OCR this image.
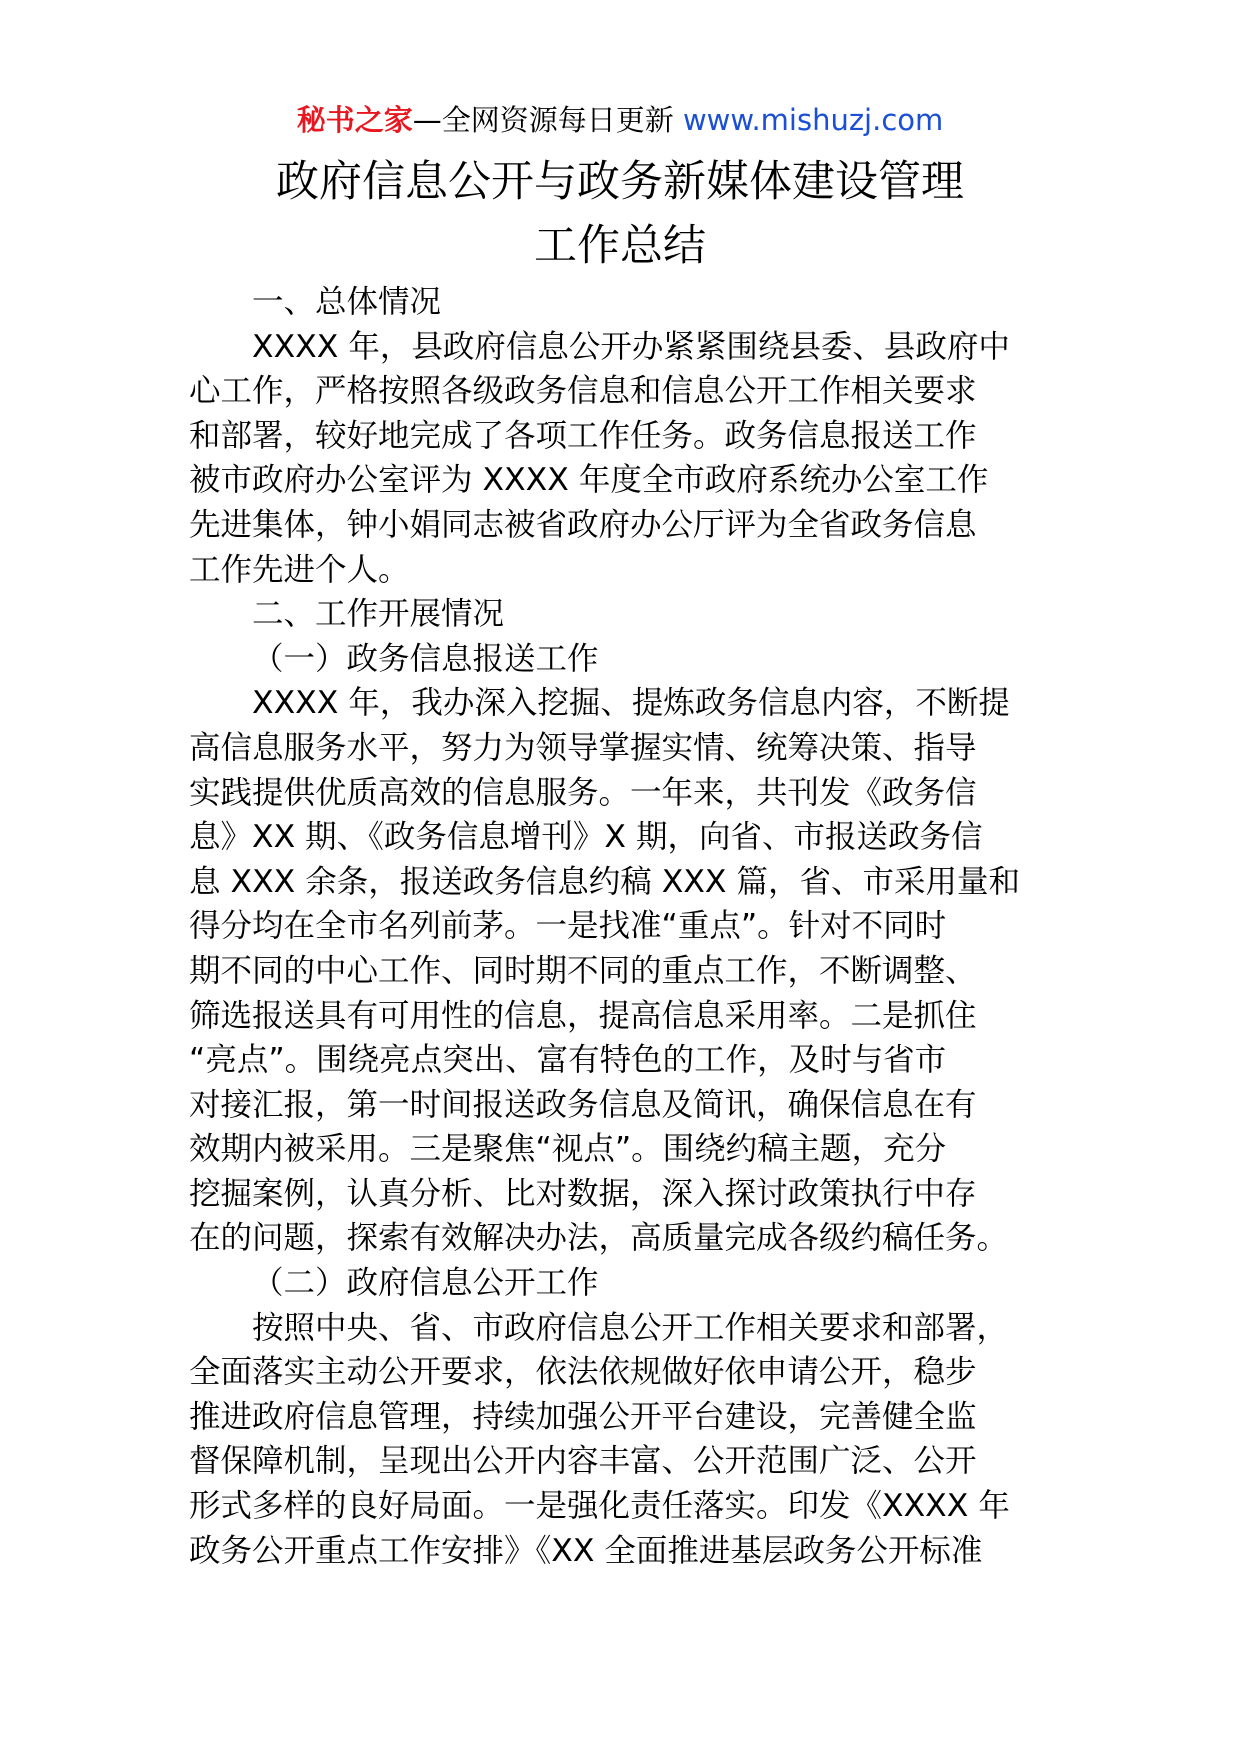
秘书之家—全网资源每日更新 www.mishuzj.com
政府信息公开与政务新媒体建设管理
工作总结
一、总体情况
XXXX 年，县政府信息公开办紧紧围绕县委、县政府中
心工作，严格按照各级政务信息和信息公开工作相关要求
和部署，较好地完成了各项工作任务。政务信息报送工作
被市政府办公室评为 XXXX 年度全市政府系统办公室工作
先进集体，钟小娟同志被省政府办公厅评为全省政务信息
工作先进个人。
二、工作开展情况
（一）政务信息报送工作
XXXX 年，我办深入挖掘、提炼政务信息内容，不断提
高信息服务水平，努力为领导掌握实情、统筹决策、指导
实践提供优质高效的信息服务。一年来，共刊发《政务信
息》XX 期、《政务信息增刊》X 期，向省、市报送政务信
息 XXX 余条，报送政务信息约稿 XXX 篇，省、市采用量和
得分均在全市名列前茅。一是找准“重点”。针对不同时
期不同的中心工作、同时期不同的重点工作，不断调整、
筛选报送具有可用性的信息，提高信息采用率。二是抓住
“亮点”。围绕亮点突出、富有特色的工作，及时与省市
对接汇报，第一时间报送政务信息及简讯，确保信息在有
效期内被采用。三是聚焦“视点”。围绕约稿主题，充分
挖掘案例，认真分析、比对数据，深入探讨政策执行中存
在的问题，探索有效解决办法，高质量完成各级约稿任务。
（二）政府信息公开工作
按照中央、省、市政府信息公开工作相关要求和部署，
全面落实主动公开要求，依法依规做好依申请公开，稳步
推进政府信息管理，持续加强公开平台建设，完善健全监
督保障机制，呈现出公开内容丰富、公开范围广泛、公开
形式多样的良好局面。一是强化责任落实。印发《XXXX 年
政务公开重点工作安排》《XX 全面推进基层政务公开标准
